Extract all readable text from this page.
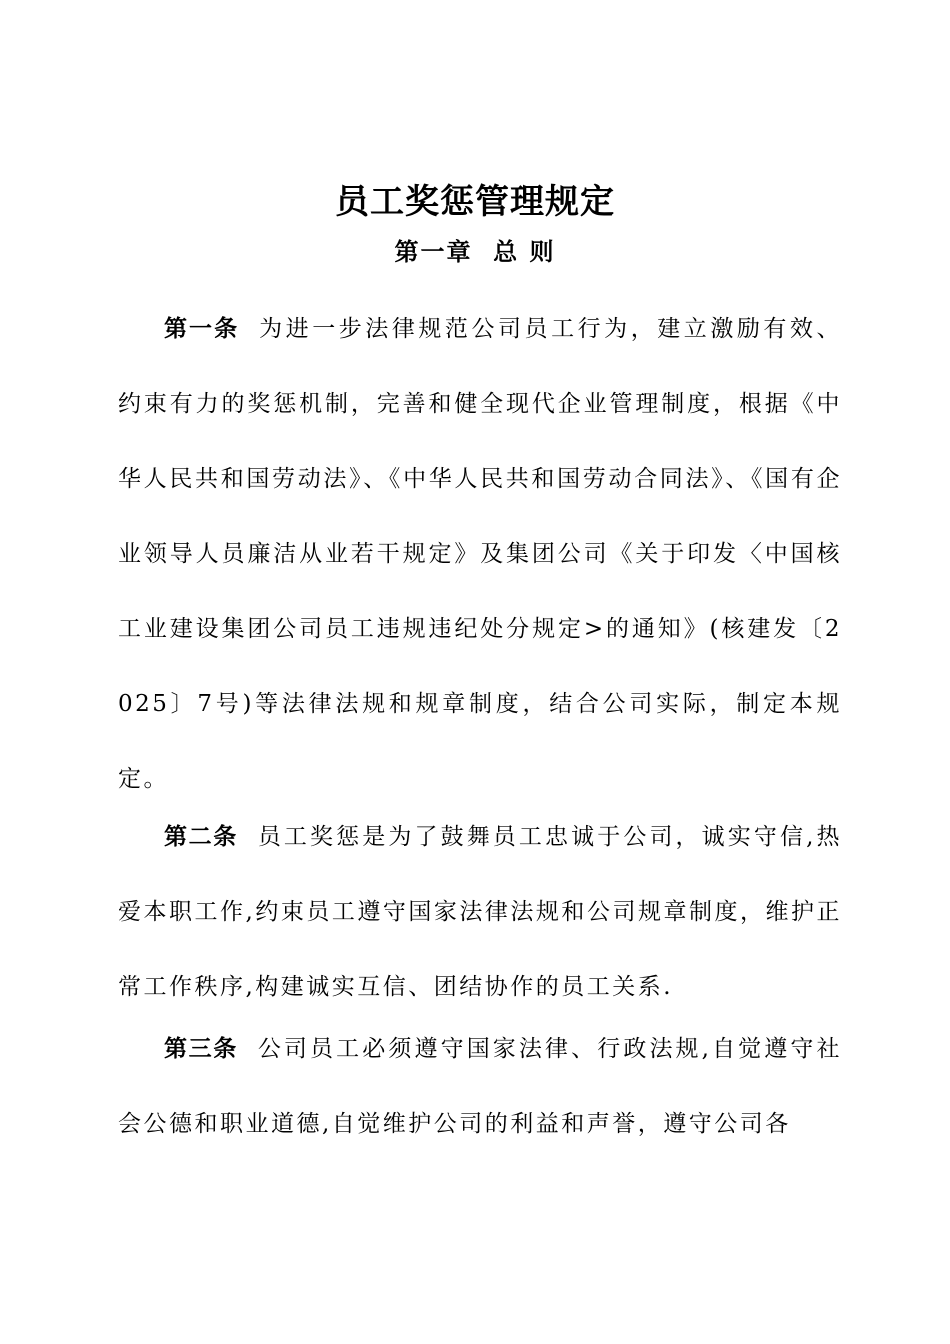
员工奖惩管理规定
第一章  总 则

第一条 为进一步法律规范公司员工行为，建立激励有效、约束有力的奖惩机制，完善和健全现代企业管理制度，根据《中华人民共和国劳动法》、《中华人民共和国劳动合同法》、《国有企业领导人员廉洁从业若干规定》及集团公司《关于印发〈中国核工业建设集团公司员工违规违纪处分规定>的通知》(核建发〔2025〕7号)等法律法规和规章制度，结合公司实际，制定本规定。

第二条 员工奖惩是为了鼓舞员工忠诚于公司，诚实守信,热爱本职工作,约束员工遵守国家法律法规和公司规章制度，维护正常工作秩序,构建诚实互信、团结协作的员工关系.

第三条 公司员工必须遵守国家法律、行政法规,自觉遵守社会公德和职业道德,自觉维护公司的利益和声誉，遵守公司各
